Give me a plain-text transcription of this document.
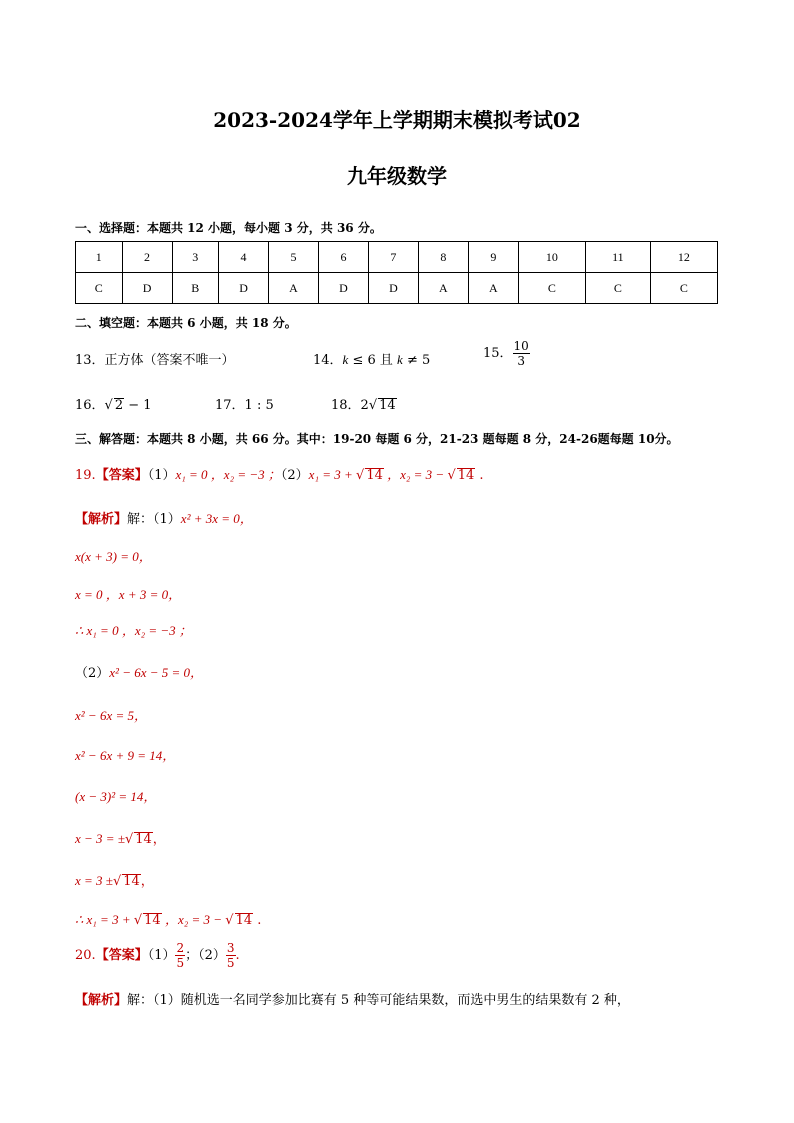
2023-2024学年上学期期末模拟考试02
九年级数学
一、选择题：本题共 12 小题，每小题 3 分，共 36 分。
1	2	3	4	5	6	7	8	9	10	11	12
C	D	B	D	A	D	D	A	A	C	C	C
二、填空题：本题共 6 小题，共 18 分。
13．正方体（答案不唯一）	14．k ≤ 6 且 k ≠ 5	15． $\frac{10}{3}$
16．√ 2 − 1	17．1 : 5	18．2√ 14
三、解答题：本题共 8 小题，共 66 分。其中：19-20 每题 6 分，21-23 题每题 8 分，24-26题每题 10分。
19.【答案】（1）x₁ = 0 ，x₂ = −3 ；（2）x₁ = 3 + √ 14 ，x₂ = 3 − √ 14 .
【解析】解：（1）x² + 3x = 0，
x(x + 3) = 0，
x = 0 ，x + 3 = 0，
∴ x₁ = 0 ，x₂ = −3 ；
（2）x² − 6x − 5 = 0，
x² − 6x = 5，
x² − 6x + 9 = 14，
(x − 3)² = 14，
x − 3 = ±√ 14，
x = 3 ±√ 14，
∴ x₁ = 3 + √ 14 ，x₂ = 3 − √ 14 .
20.【答案】$(1) \frac{2}{5}$ ；$(2) \frac{3}{5}$ .
【解析】解：（1）随机选一名同学参加比赛有 5 种等可能结果数，而选中男生的结果数有 2 种，
